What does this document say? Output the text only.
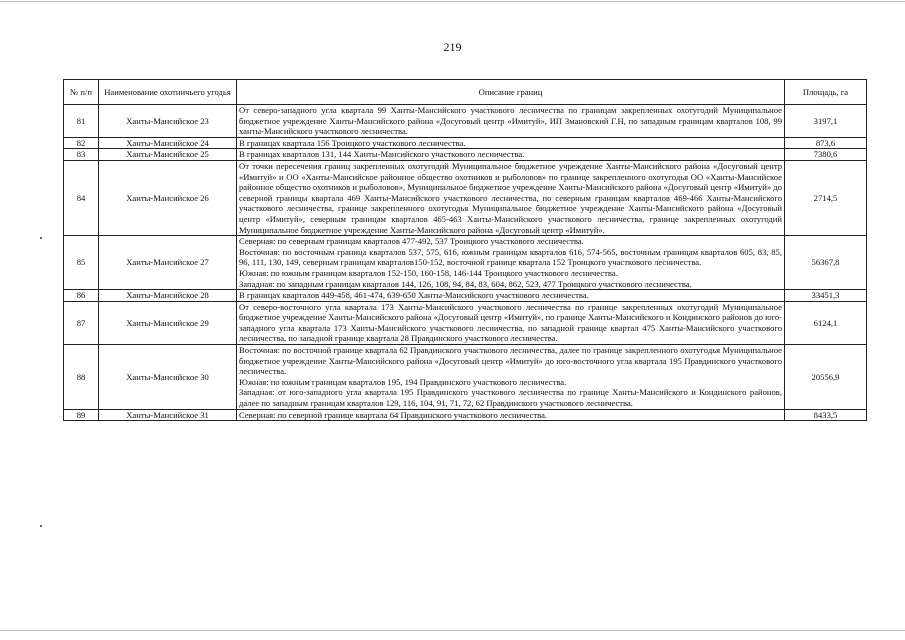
219
№ п/п	Наименование охотничьего угодья	Описание границ	Площадь, га
81	Ханты-Мансийское 23	От северо-западного угла квартала 99 Ханты-Мансийского участкового лесничества по границам закрепленных охотугодий Муниципальное бюджетное учреждение Ханты-Мансийского района «Досуговый центр «Имитуй», ИП Змановский Г.Н, по западным границам кварталов 108, 99 ханты-Мансийского участкового лесничества.	3197,1
82	Ханты-Мансийское 24	В границах квартала 156 Троицкого участкового лесничества.	873,6
83	Ханты-Мансийское 25	В границах кварталов 131, 144 Ханты-Мансийского участкового лесничества.	7380,6
84	Ханты-Мансийское 26	От точки пересечения границ закрепленных охотугодий Муниципальное бюджетное учреждение Ханты-Мансийского района «Досуговый центр «Имитуй» и ОО «Ханты-Мансийское районное общество охотников и рыболовов» по границе закрепленного охотугодья ОО «Ханты-Мансийское районное общество охотников и рыболовов», Муниципальное бюджетное учреждение Ханты-Мансийского района «Досуговый центр «Имитуй» до северной границы квартала 469 Ханты-Мансийского участкового лесничества, по северным границам кварталов 469-466 Ханты-Мансийского участкового лесничества, границе закрепленного охотугодья Муниципальное бюджетное учреждение Ханты-Мансийского района «Досуговый центр «Имитуй», северным границам кварталов 465-463 Ханты-Мансийского участкового лесничества, границе закрепленных охотугодий Муниципальное бюджетное учреждение Ханты-Мансийского района «Досуговый центр «Имитуй».	2714,5
85	Ханты-Мансийское 27	Северная: по северным границам кварталов 477-492, 537 Троицкого участкового лесничества.
Восточная: по восточным граница кварталов 537, 575, 616, южным границам кварталов 616, 574-565, восточным границам кварталов 605, 83, 85, 96, 111, 130, 149, северным границам кварталов150-152, восточной границе квартала 152 Троицкого участкового лесничества.
Южная: по южным границам кварталов 152-150, 160-158, 146-144 Троицкого участкового лесничества.
Западная: по западным границам кварталов 144, 126, 108, 94, 84, 83, 604, 862, 523, 477 Троицкого участкового лесничества.	56367,8
86	Ханты-Мансийское 28	В границах кварталов 449-458, 461-474, 639-650 Ханты-Мансийского участкового лесничества.	33451,3
87	Ханты-Мансийское 29	От северо-восточного угла квартала 173 Ханты-Мансийского участкового лесничества по границе закрепленных охотугодий Муниципальное бюджетное учреждение Ханты-Мансийского района «Досуговый центр «Имитуй», по границе Ханты-Мансийского и Кондинского районов до юго-западного угла квартала 173 Ханты-Мансийского участкового лесничества, по западной границе квартал 475 Ханты-Мансийского участкового лесничества, по западной границе квартала 28 Правдинского участкового лесничества.	6124,1
88	Ханты-Мансийское 30	Восточная: по восточной границе квартала 62 Правдинского участкового лесничества, далее по границе закрепленного охотугодья Муниципальное бюджетное учреждение Ханты-Мансийского района «Досуговый центр «Имитуй» до юго-восточного угла квартала 195 Правдинского участкового лесничества.
Южная: по южным границам кварталов 195, 194 Правдинского участкового лесничества.
Западная: от юго-западного угла квартала 195 Правдинского участкового лесничества по границе Ханты-Мансийского и Кондинского районов, далее по западным границам кварталов 129, 116, 104, 91, 71, 72, 62 Правдинского участкового лесничества.	20556,9
89	Ханты-Мансийское 31	Северная: по северной границе квартала 64 Правдинского участкового лесничества.	8433,5
